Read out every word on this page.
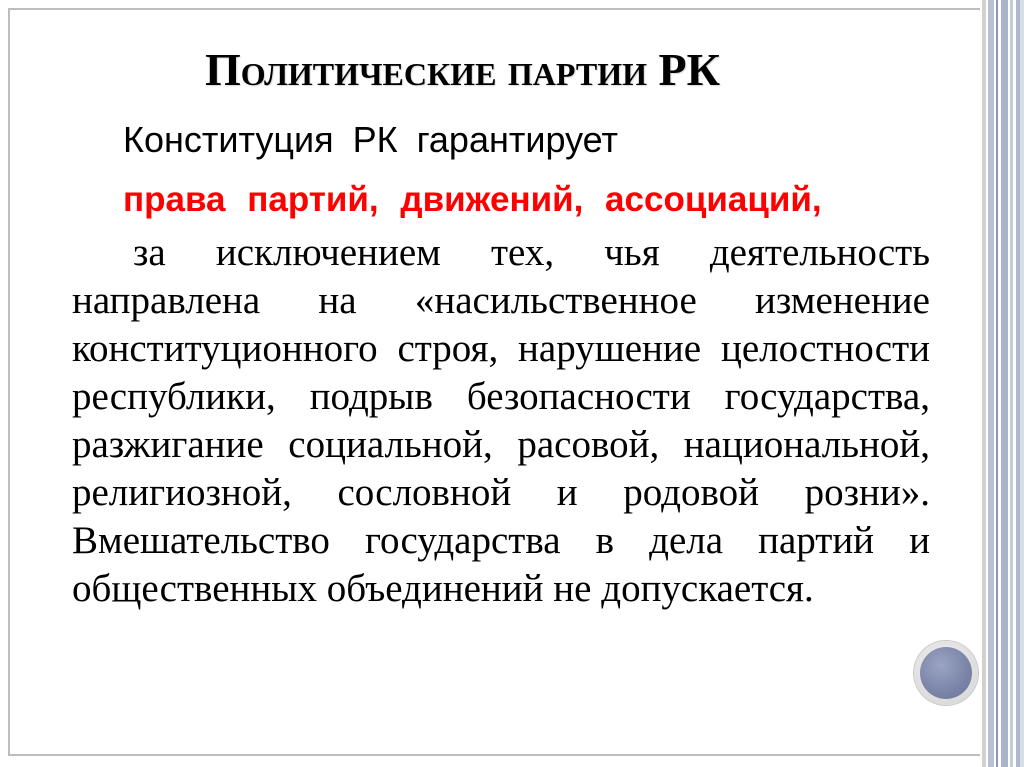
Политические партии РК
Конституция РК гарантирует
права партий, движений, ассоциаций,
за исключением тех, чья деятельность
направлена на «насильственное изменение
конституционного строя, нарушение целостности
республики, подрыв безопасности государства,
разжигание социальной, расовой, национальной,
религиозной, сословной и родовой розни».
Вмешательство государства в дела партий и
общественных объединений не допускается.
